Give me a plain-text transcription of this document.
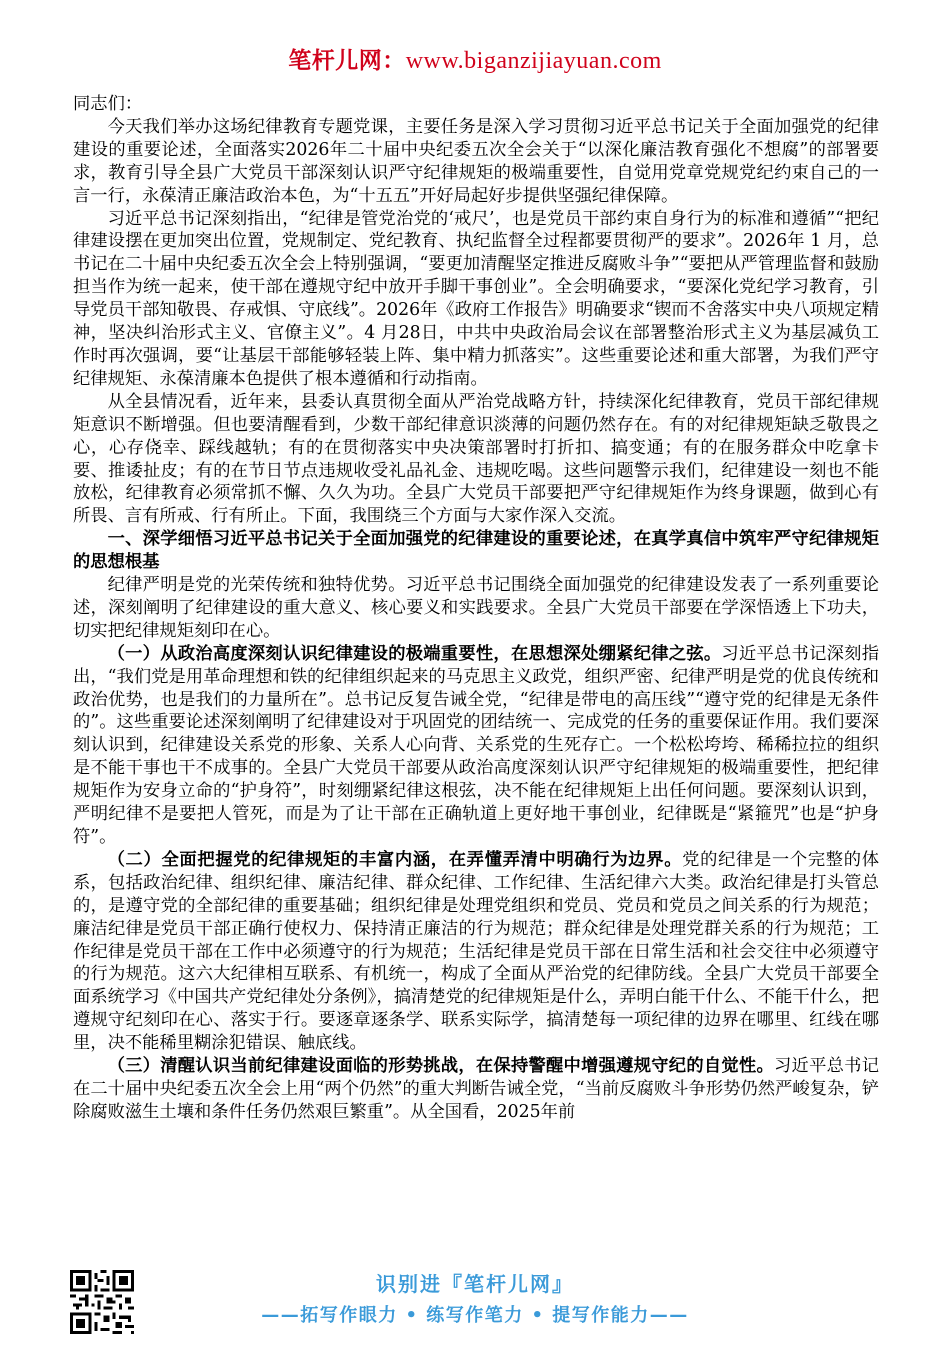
笔杆儿网：www.biganzijiayuan.com

同志们：

今天我们举办这场纪律教育专题党课，主要任务是深入学习贯彻习近平总书记关于全面加强党的纪律建设的重要论述，全面落实2026年二十届中央纪委五次全会关于“以深化廉洁教育强化不想腐”的部署要求，教育引导全县广大党员干部深刻认识严守纪律规矩的极端重要性，自觉用党章党规党纪约束自己的一言一行，永葆清正廉洁政治本色，为“十五五”开好局起好步提供坚强纪律保障。

习近平总书记深刻指出，“纪律是管党治党的‘戒尺’，也是党员干部约束自身行为的标准和遵循”“把纪律建设摆在更加突出位置，党规制定、党纪教育、执纪监督全过程都要贯彻严的要求”。2026年 1 月，总书记在二十届中央纪委五次全会上特别强调，“要更加清醒坚定推进反腐败斗争”“要把从严管理监督和鼓励担当作为统一起来，使干部在遵规守纪中放开手脚干事创业”。全会明确要求，“要深化党纪学习教育，引导党员干部知敬畏、存戒惧、守底线”。2026年《政府工作报告》明确要求“锲而不舍落实中央八项规定精神，坚决纠治形式主义、官僚主义”。4 月28日，中共中央政治局会议在部署整治形式主义为基层减负工作时再次强调，要“让基层干部能够轻装上阵、集中精力抓落实”。这些重要论述和重大部署，为我们严守纪律规矩、永葆清廉本色提供了根本遵循和行动指南。

从全县情况看，近年来，县委认真贯彻全面从严治党战略方针，持续深化纪律教育，党员干部纪律规矩意识不断增强。但也要清醒看到，少数干部纪律意识淡薄的问题仍然存在。有的对纪律规矩缺乏敬畏之心，心存侥幸、踩线越轨；有的在贯彻落实中央决策部署时打折扣、搞变通；有的在服务群众中吃拿卡要、推诿扯皮；有的在节日节点违规收受礼品礼金、违规吃喝。这些问题警示我们，纪律建设一刻也不能放松，纪律教育必须常抓不懈、久久为功。全县广大党员干部要把严守纪律规矩作为终身课题，做到心有所畏、言有所戒、行有所止。下面，我围绕三个方面与大家作深入交流。

一、深学细悟习近平总书记关于全面加强党的纪律建设的重要论述，在真学真信中筑牢严守纪律规矩的思想根基

纪律严明是党的光荣传统和独特优势。习近平总书记围绕全面加强党的纪律建设发表了一系列重要论述，深刻阐明了纪律建设的重大意义、核心要义和实践要求。全县广大党员干部要在学深悟透上下功夫，切实把纪律规矩刻印在心。

（一）从政治高度深刻认识纪律建设的极端重要性，在思想深处绷紧纪律之弦。习近平总书记深刻指出，“我们党是用革命理想和铁的纪律组织起来的马克思主义政党，组织严密、纪律严明是党的优良传统和政治优势，也是我们的力量所在”。总书记反复告诫全党，“纪律是带电的高压线”“遵守党的纪律是无条件的”。这些重要论述深刻阐明了纪律建设对于巩固党的团结统一、完成党的任务的重要保证作用。我们要深刻认识到，纪律建设关系党的形象、关系人心向背、关系党的生死存亡。一个松松垮垮、稀稀拉拉的组织是不能干事也干不成事的。全县广大党员干部要从政治高度深刻认识严守纪律规矩的极端重要性，把纪律规矩作为安身立命的“护身符”，时刻绷紧纪律这根弦，决不能在纪律规矩上出任何问题。要深刻认识到，严明纪律不是要把人管死，而是为了让干部在正确轨道上更好地干事创业，纪律既是“紧箍咒”也是“护身符”。

（二）全面把握党的纪律规矩的丰富内涵，在弄懂弄清中明确行为边界。党的纪律是一个完整的体系，包括政治纪律、组织纪律、廉洁纪律、群众纪律、工作纪律、生活纪律六大类。政治纪律是打头管总的，是遵守党的全部纪律的重要基础；组织纪律是处理党组织和党员、党员和党员之间关系的行为规范；廉洁纪律是党员干部正确行使权力、保持清正廉洁的行为规范；群众纪律是处理党群关系的行为规范；工作纪律是党员干部在工作中必须遵守的行为规范；生活纪律是党员干部在日常生活和社会交往中必须遵守的行为规范。这六大纪律相互联系、有机统一，构成了全面从严治党的纪律防线。全县广大党员干部要全面系统学习《中国共产党纪律处分条例》，搞清楚党的纪律规矩是什么，弄明白能干什么、不能干什么，把遵规守纪刻印在心、落实于行。要逐章逐条学、联系实际学，搞清楚每一项纪律的边界在哪里、红线在哪里，决不能稀里糊涂犯错误、触底线。

（三）清醒认识当前纪律建设面临的形势挑战，在保持警醒中增强遵规守纪的自觉性。习近平总书记在二十届中央纪委五次全会上用“两个仍然”的重大判断告诫全党，“当前反腐败斗争形势仍然严峻复杂，铲除腐败滋生土壤和条件任务仍然艰巨繁重”。从全国看，2025年前

识别进『笔杆儿网』
——拓写作眼力 • 练写作笔力 • 提写作能力——
